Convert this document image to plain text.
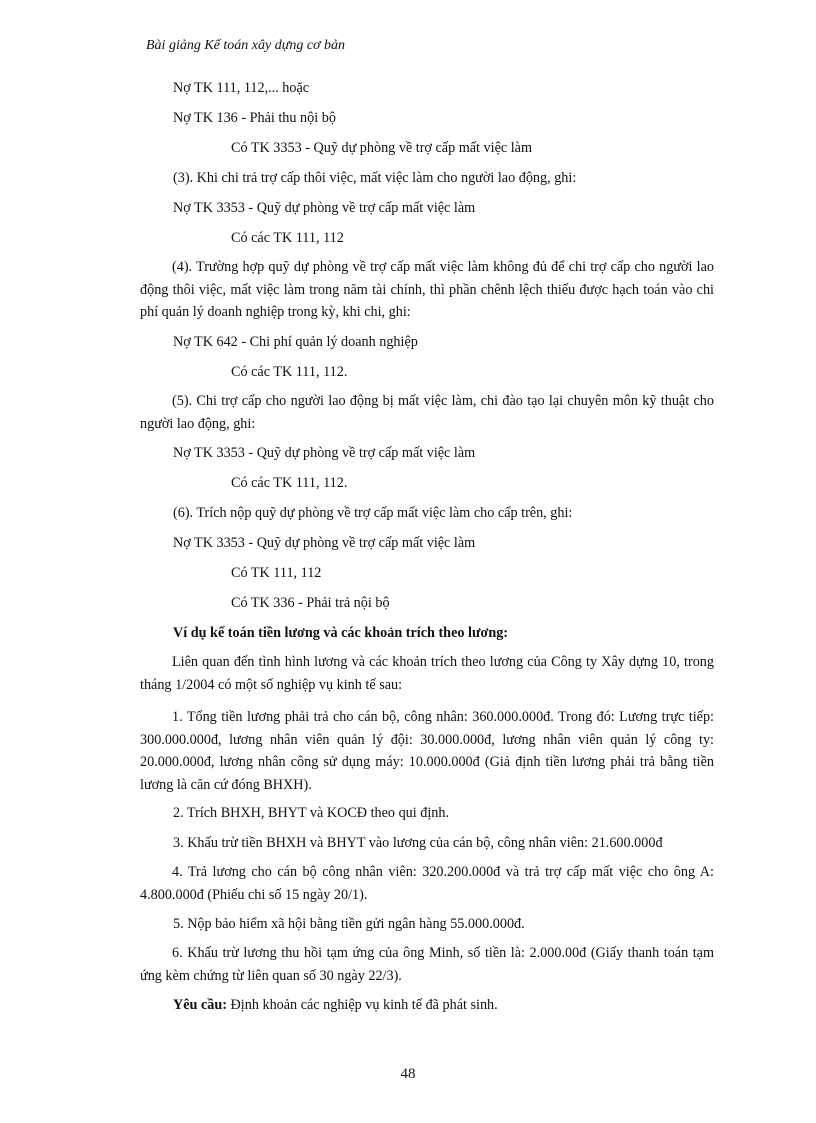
Bài giảng Kế toán xây dựng cơ bản
Nợ TK 111, 112,... hoặc
Nợ TK 136 - Phải thu nội bộ
Có TK 3353 - Quỹ dự phòng về trợ cấp mất việc làm
(3). Khi chi trả trợ cấp thôi việc, mất việc làm cho người lao động, ghi:
Nợ TK 3353 - Quỹ dự phòng về trợ cấp mất việc làm
Có các TK 111, 112
(4). Trường hợp quỹ dự phòng về trợ cấp mất việc làm không đủ để chi trợ cấp cho người lao động thôi việc, mất việc làm trong năm tài chính, thì phần chênh lệch thiếu được hạch toán vào chi phí quản lý doanh nghiệp trong kỳ, khi chi, ghi:
Nợ TK 642 - Chi phí quản lý doanh nghiệp
Có các TK 111, 112.
(5). Chi trợ cấp cho người lao động bị mất việc làm, chi đào tạo lại chuyên môn kỹ thuật cho người lao động, ghi:
Nợ TK 3353 - Quỹ dự phòng về trợ cấp mất việc làm
Có các TK 111, 112.
(6). Trích nộp quỹ dự phòng về trợ cấp mất việc làm cho cấp trên, ghi:
Nợ TK 3353 - Quỹ dự phòng về trợ cấp mất việc làm
Có TK 111, 112
Có TK 336 - Phải trả nội bộ
Ví dụ kế toán tiền lương và các khoản trích theo lương:
Liên quan đến tình hình lương và các khoản trích theo lương của Công ty Xây dựng 10, trong tháng 1/2004 có một số nghiệp vụ kinh tế sau:
1. Tổng tiền lương phải trả cho cán bộ, công nhân: 360.000.000đ. Trong đó: Lương trực tiếp: 300.000.000đ, lương nhân viên quản lý đội: 30.000.000đ, lương nhân viên quản lý công ty: 20.000.000đ, lương nhân công sử dụng máy: 10.000.000đ (Giả định tiền lương phải trả bằng tiền lương là căn cứ đóng BHXH).
2. Trích BHXH, BHYT và KOCĐ theo qui định.
3. Khấu trừ tiền BHXH và BHYT vào lương của cán bộ, công nhân viên: 21.600.000đ
4. Trả lương cho cán bộ công nhân viên: 320.200.000đ và trả trợ cấp mất việc cho ông A: 4.800.000đ (Phiếu chi số 15 ngày 20/1).
5. Nộp bảo hiểm xã hội bằng tiền gửi ngân hàng 55.000.000đ.
6. Khấu trừ lương thu hồi tạm ứng của ông Minh, số tiền là: 2.000.00đ (Giấy thanh toán tạm ứng kèm chứng từ liên quan số 30 ngày 22/3).
Yêu cầu: Định khoản các nghiệp vụ kinh tế đã phát sinh.
48
